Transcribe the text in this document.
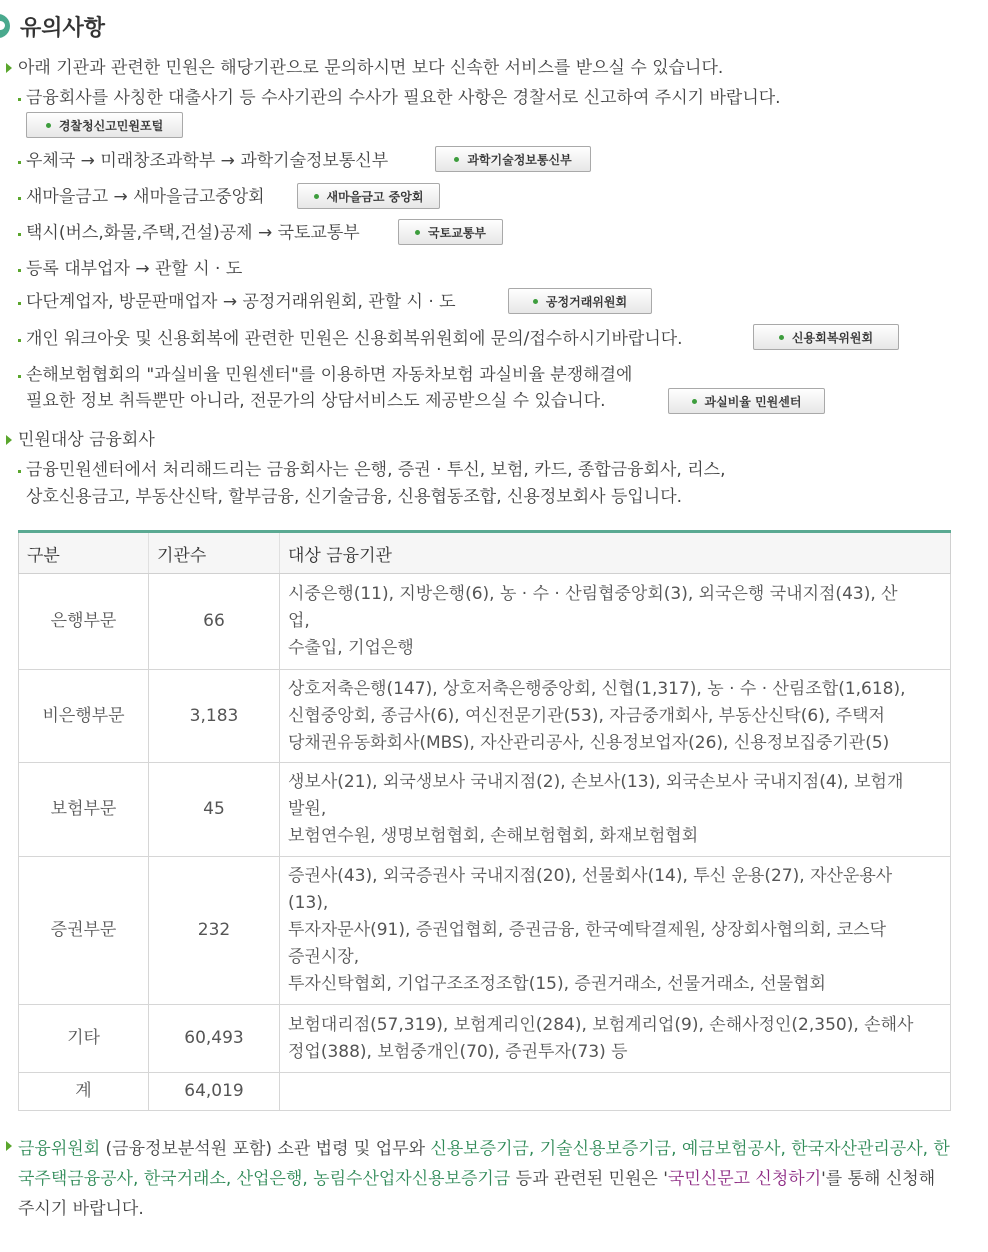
유의사항
아래 기관과 관련한 민원은 해당기관으로 문의하시면 보다 신속한 서비스를 받으실 수 있습니다.
금융회사를 사칭한 대출사기 등 수사기관의 수사가 필요한 사항은 경찰서로 신고하여 주시기 바랍니다.
경찰청신고민원포털
우체국 → 미래창조과학부 → 과학기술정보통신부	과학기술정보통신부
새마을금고 → 새마을금고중앙회	새마을금고 중앙회
택시(버스,화물,주택,건설)공제 → 국토교통부	국토교통부
등록 대부업자 → 관할 시 · 도
다단계업자, 방문판매업자 → 공정거래위원회, 관할 시 · 도	공정거래위원회
개인 워크아웃 및 신용회복에 관련한 민원은 신용회복위원회에 문의/접수하시기바랍니다.	신용회복위원회
손해보험협회의 "과실비율 민원센터"를 이용하면 자동차보험 과실비율 분쟁해결에
필요한 정보 취득뿐만 아니라, 전문가의 상담서비스도 제공받으실 수 있습니다.	과실비율 민원센터
민원대상 금융회사
금융민원센터에서 처리해드리는 금융회사는 은행, 증권 · 투신, 보험, 카드, 종합금융회사, 리스,
상호신용금고, 부동산신탁, 할부금융, 신기술금융, 신용협동조합, 신용정보회사 등입니다.
구분	기관수	대상 금융기관
은행부문	66	시중은행(11), 지방은행(6), 농 · 수 · 산림협중앙회(3), 외국은행 국내지점(43), 산
업,
수출입, 기업은행

비은행부문	3,183	상호저축은행(147), 상호저축은행중앙회, 신협(1,317), 농 · 수 · 산림조합(1,618),
신협중앙회, 종금사(6), 여신전문기관(53), 자금중개회사, 부동산신탁(6), 주택저
당채권유동화회사(MBS), 자산관리공사, 신용정보업자(26), 신용정보집중기관(5)

보험부문	45	생보사(21), 외국생보사 국내지점(2), 손보사(13), 외국손보사 국내지점(4), 보험개
발원,
보험연수원, 생명보험협회, 손해보험협회, 화재보험협회

증권부문	232	증권사(43), 외국증권사 국내지점(20), 선물회사(14), 투신 운용(27), 자산운용사
(13),
투자자문사(91), 증권업협회, 증권금융, 한국예탁결제원, 상장회사협의회, 코스닥
증권시장,
투자신탁협회, 기업구조조정조합(15), 증권거래소, 선물거래소, 선물협회

기타	60,493	보험대리점(57,319), 보험계리인(284), 보험계리업(9), 손해사정인(2,350), 손해사
정업(388), 보험중개인(70), 증권투자(73) 등

계	64,019	
금융위원회 (금융정보분석원 포함) 소관 법령 및 업무와 신용보증기금, 기술신용보증기금, 예금보험공사, 한국자산관리공사, 한국주택금융공사, 한국거래소, 산업은행, 농림수산업자신용보증기금 등과 관련된 민원은 '국민신문고 신청하기'를 통해 신청해 주시기 바랍니다.
